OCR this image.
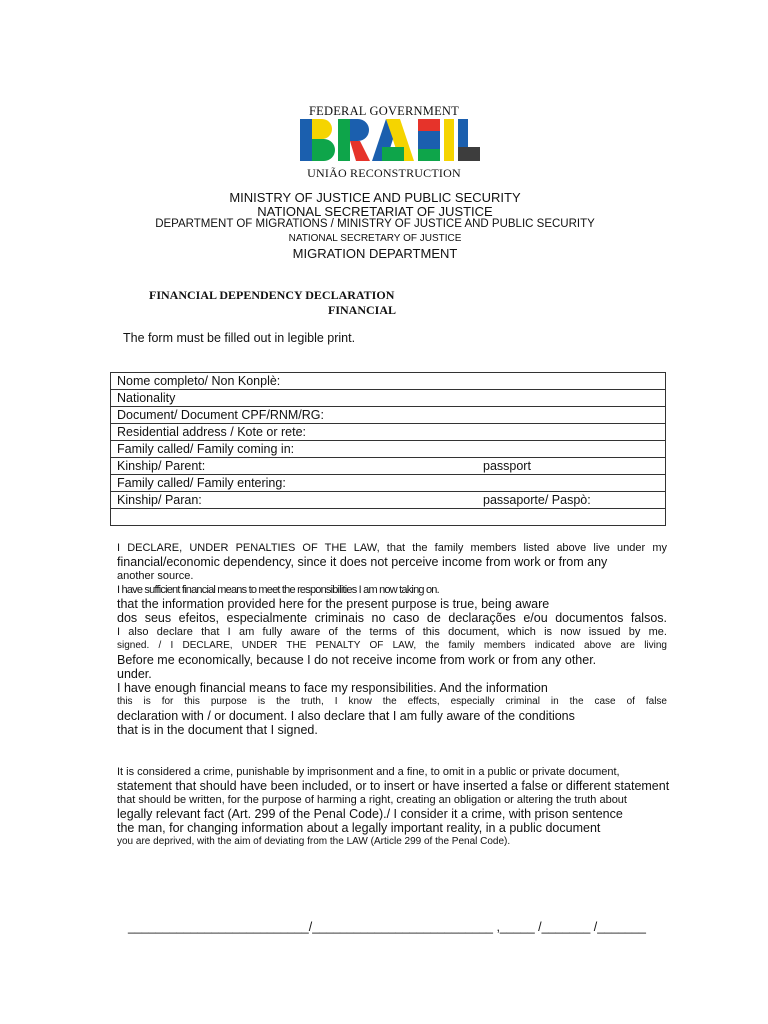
FEDERAL GOVERNMENT
UNIÃO RECONSTRUCTION
MINISTRY OF JUSTICE AND PUBLIC SECURITY
NATIONAL SECRETARIAT OF JUSTICE
DEPARTMENT OF MIGRATIONS / MINISTRY OF JUSTICE AND PUBLIC SECURITY
NATIONAL SECRETARY OF JUSTICE
MIGRATION DEPARTMENT
FINANCIAL DEPENDENCY DECLARATION
FINANCIAL
The form must be filled out in legible print.
Nome completo/ Non Konplè:

Nationality

Document/ Document CPF/RNM/RG:

Residential address / Kote or rete:

Family called/ Family coming in:

Kinship/ Parent:	passport

Family called/ Family entering:

Kinship/ Paran:	passaporte/ Paspò:

I DECLARE, UNDER PENALTIES OF THE LAW, that the family members listed above live under my

financial/economic dependency, since it does not perceive income from work or from any

another source.

I have sufficient financial means to meet the responsibilities I am now taking on.

that the information provided here for the present purpose is true, being aware

dos seus efeitos, especialmente criminais no caso de declarações e/ou documentos falsos.

I also declare that I am fully aware of the terms of this document, which is now issued by me.

signed. / I DECLARE, UNDER THE PENALTY OF LAW, the family members indicated above are living

Before me economically, because I do not receive income from work or from any other.

under.

I have enough financial means to face my responsibilities. And the information

this is for this purpose is the truth, I know the effects, especially criminal in the case of false

declaration with / or document. I also declare that I am fully aware of the conditions

that is in the document that I signed.

It is considered a crime, punishable by imprisonment and a fine, to omit in a public or private document,

statement that should have been included, or to insert or have inserted a false or different statement

that should be written, for the purpose of harming a right, creating an obligation or altering the truth about

legally relevant fact (Art. 299 of the Penal Code)./ I consider it a crime, with prison sentence

the man, for changing information about a legally important reality, in a public document

you are deprived, with the aim of deviating from the LAW (Article 299 of the Penal Code).

__________________________/__________________________ ,_____ /_______ /_______
